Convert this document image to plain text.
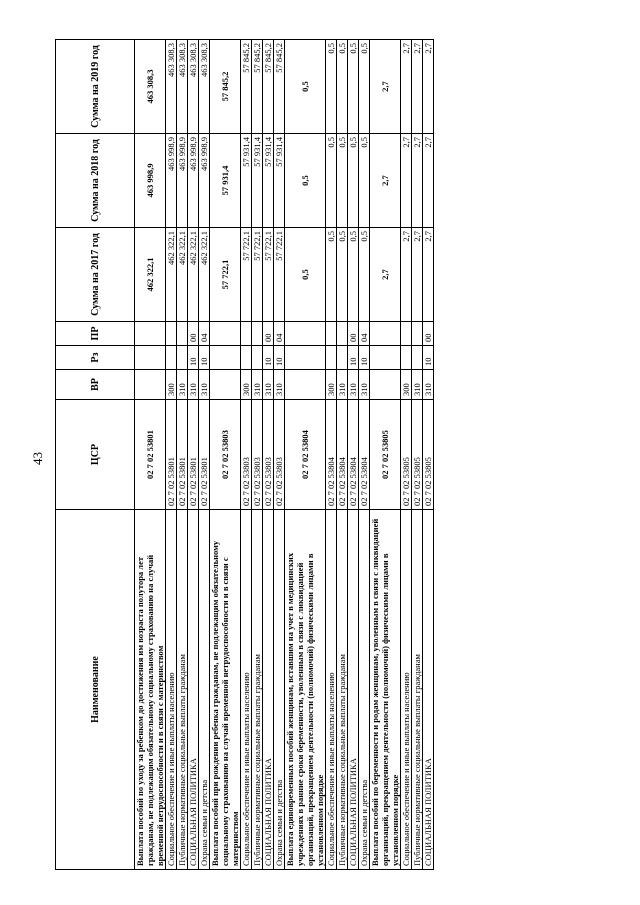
43
Наименование	ЦСР	ВР	Рз	ПР	Сумма на 2017 год	Сумма на 2018 год	Сумма на 2019 год
Выплата пособий по уходу за ребенком до достижения им возраста полутора лет гражданам, не подлежащим обязательному социальному страхованию на случай временной нетрудоспособности и в связи с материнством	02 7 02 53801				462 322,1	463 998,9	463 308,3
Социальное обеспечение и иные выплаты населению	02 7 02 53801	300			462 322,1	463 998,9	463 308,3
Публичные нормативные социальные выплаты гражданам	02 7 02 53801	310			462 322,1	463 998,9	463 308,3
СОЦИАЛЬНАЯ ПОЛИТИКА	02 7 02 53801	310	10	00	462 322,1	463 998,9	463 308,3
Охрана семьи и детства	02 7 02 53801	310	10	04	462 322,1	463 998,9	463 308,3
Выплата пособий при рождении ребенка гражданам, не подлежащим обязательному социальному страхованию на случай временной нетрудоспособности и в связи с материнством	02 7 02 53803				57 722,1	57 931,4	57 845,2
Социальное обеспечение и иные выплаты населению	02 7 02 53803	300			57 722,1	57 931,4	57 845,2
Публичные нормативные социальные выплаты гражданам	02 7 02 53803	310			57 722,1	57 931,4	57 845,2
СОЦИАЛЬНАЯ ПОЛИТИКА	02 7 02 53803	310	10	00	57 722,1	57 931,4	57 845,2
Охрана семьи и детства	02 7 02 53803	310	10	04	57 722,1	57 931,4	57 845,2
Выплата единовременных пособий женщинам, вставшим на учет в медицинских учреждениях в ранние сроки беременности, уволенным в связи с ликвидацией организаций, прекращением деятельности (полномочий) физическими лицами в установленном порядке	02 7 02 53804				0,5	0,5	0,5
Социальное обеспечение и иные выплаты населению	02 7 02 53804	300			0,5	0,5	0,5
Публичные нормативные социальные выплаты гражданам	02 7 02 53804	310			0,5	0,5	0,5
СОЦИАЛЬНАЯ ПОЛИТИКА	02 7 02 53804	310	10	00	0,5	0,5	0,5
Охрана семьи и детства	02 7 02 53804	310	10	04	0,5	0,5	0,5
Выплата пособий по беременности и родам женщинам, уволенным в связи с ликвидацией организаций, прекращением деятельности (полномочий) физическими лицами в установленном порядке	02 7 02 53805				2,7	2,7	2,7
Социальное обеспечение и иные выплаты населению	02 7 02 53805	300			2,7	2,7	2,7
Публичные нормативные социальные выплаты гражданам	02 7 02 53805	310			2,7	2,7	2,7
СОЦИАЛЬНАЯ ПОЛИТИКА	02 7 02 53805	310	10	00	2,7	2,7	2,7
